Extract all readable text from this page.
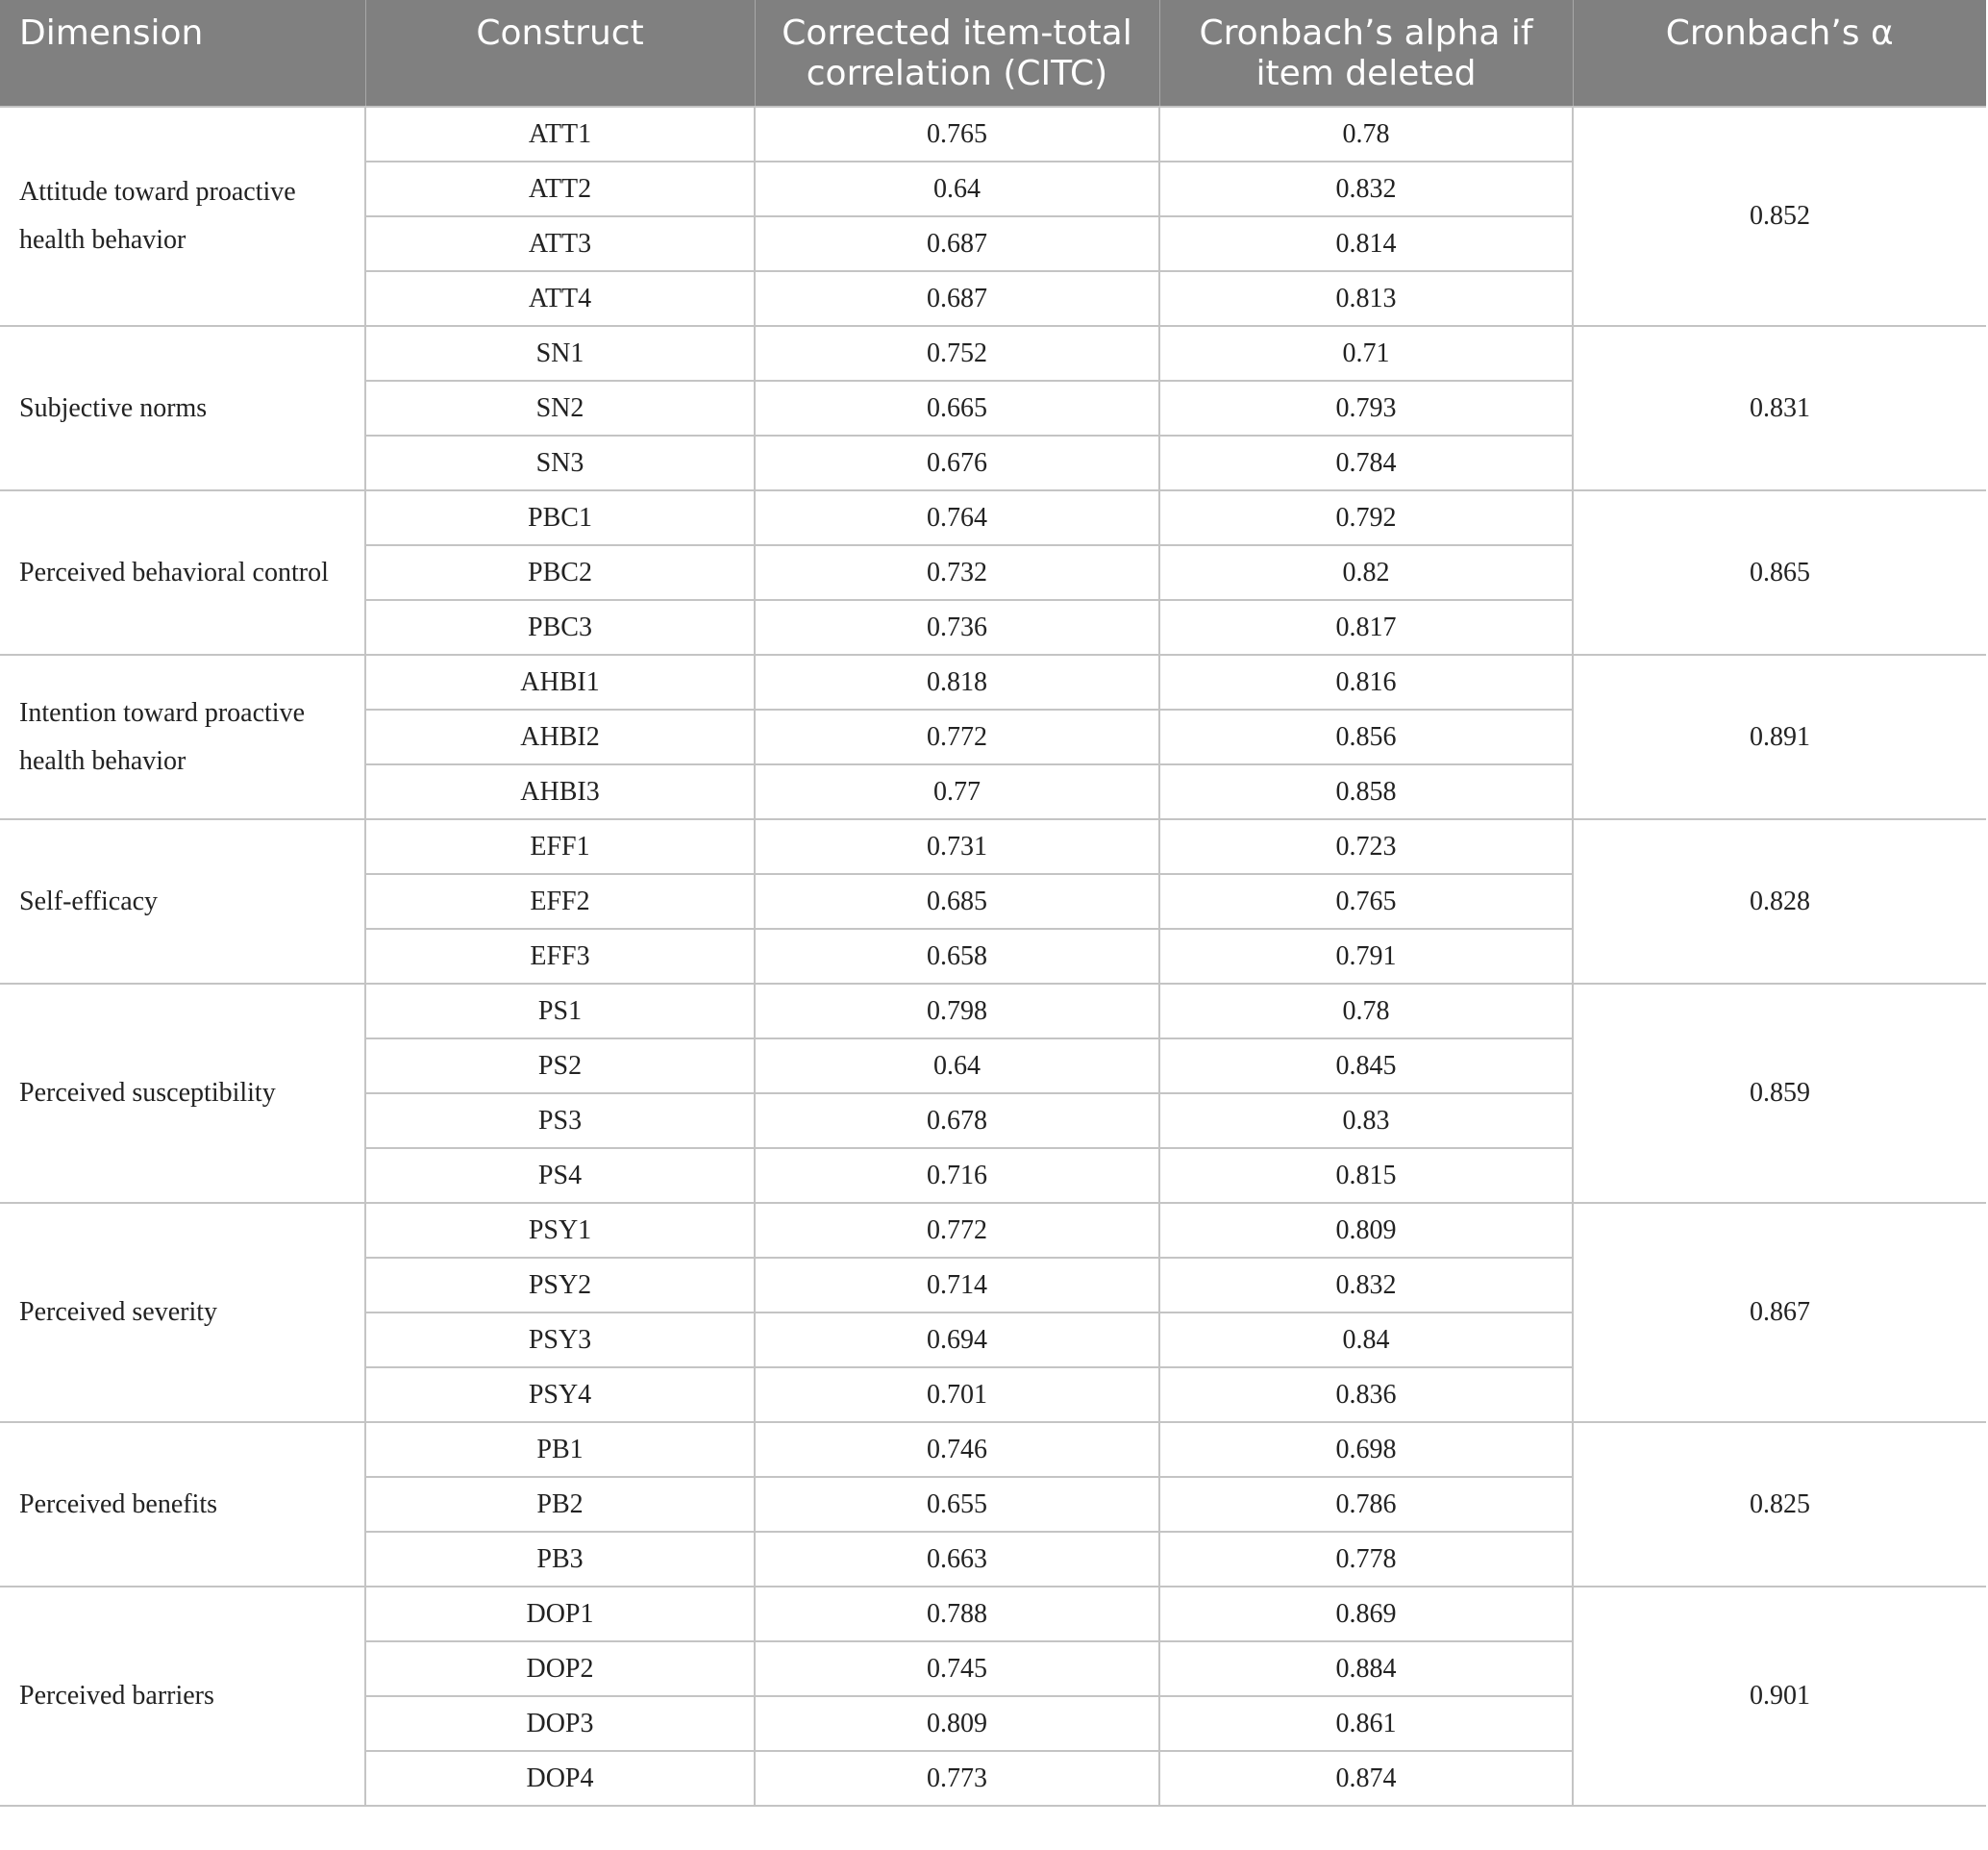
Dimension	Construct	Corrected item-total correlation (CITC)	Cronbach’s alpha if item deleted	Cronbach’s α
Attitude toward proactive health behavior	ATT1	0.765	0.78	0.852
	ATT2	0.64	0.832	
	ATT3	0.687	0.814	
	ATT4	0.687	0.813	
Subjective norms	SN1	0.752	0.71	0.831
	SN2	0.665	0.793	
	SN3	0.676	0.784	
Perceived behavioral control	PBC1	0.764	0.792	0.865
	PBC2	0.732	0.82	
	PBC3	0.736	0.817	
Intention toward proactive health behavior	AHBI1	0.818	0.816	0.891
	AHBI2	0.772	0.856	
	AHBI3	0.77	0.858	
Self-efficacy	EFF1	0.731	0.723	0.828
	EFF2	0.685	0.765	
	EFF3	0.658	0.791	
Perceived susceptibility	PS1	0.798	0.78	0.859
	PS2	0.64	0.845	
	PS3	0.678	0.83	
	PS4	0.716	0.815	
Perceived severity	PSY1	0.772	0.809	0.867
	PSY2	0.714	0.832	
	PSY3	0.694	0.84	
	PSY4	0.701	0.836	
Perceived benefits	PB1	0.746	0.698	0.825
	PB2	0.655	0.786	
	PB3	0.663	0.778	
Perceived barriers	DOP1	0.788	0.869	0.901
	DOP2	0.745	0.884	
	DOP3	0.809	0.861	
	DOP4	0.773	0.874	
